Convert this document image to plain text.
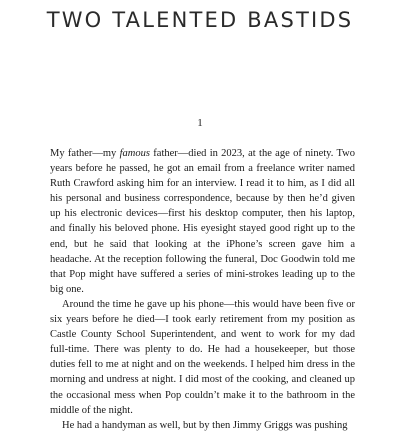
TWO TALENTED BASTIDS
1

My father—my famous father—died in 2023, at the age of ninety. Two years before he passed, he got an email from a freelance writer named Ruth Crawford asking him for an interview. I read it to him, as I did all his personal and business correspondence, because by then he’d given up his electronic devices—first his desktop computer, then his laptop, and finally his beloved phone. His eyesight stayed good right up to the end, but he said that looking at the iPhone’s screen gave him a headache. At the reception following the funeral, Doc Goodwin told me that Pop might have suffered a series of mini-strokes leading up to the big one.

Around the time he gave up his phone—this would have been five or six years before he died—I took early retirement from my position as Castle County School Superintendent, and went to work for my dad full-time. There was plenty to do. He had a housekeeper, but those duties fell to me at night and on the weekends. I helped him dress in the morning and undress at night. I did most of the cooking, and cleaned up the occasional mess when Pop couldn’t make it to the bathroom in the middle of the night.

He had a handyman as well, but by then Jimmy Griggs was pushing
